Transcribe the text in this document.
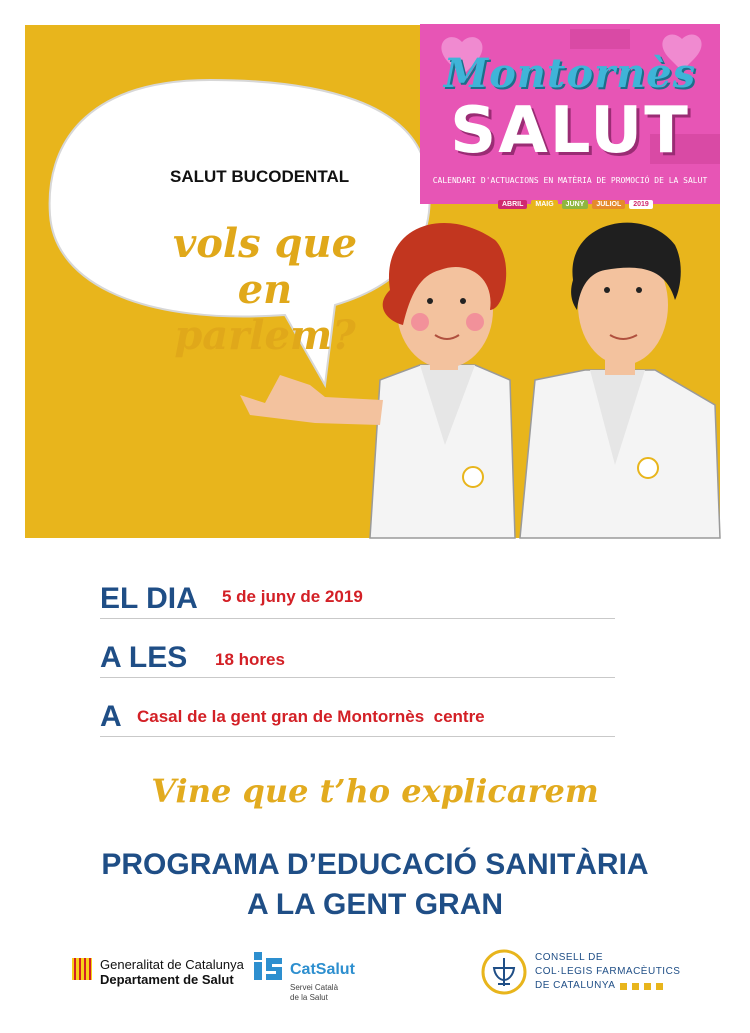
SALUT BUCODENTAL
vols que
en parlem?
Montornès
SALUT
CALENDARI D'ACTUACIONS EN MATÈRIA DE PROMOCIÓ DE LA SALUT
ABRIL	MAIG	JUNY	JULIOL	2019
EL DIA 5 de juny de 2019
A LES 18 hores
A Casal de la gent gran de Montornès  centre
Vine que t’ho explicarem
PROGRAMA D’EDUCACIÓ SANITÀRIA
A LA GENT GRAN
Generalitat de Catalunya
Departament de Salut
CatSalut
Servei Català
de la Salut
CONSELL DE
COL·LEGIS FARMACÈUTICS
DE CATALUNYA
